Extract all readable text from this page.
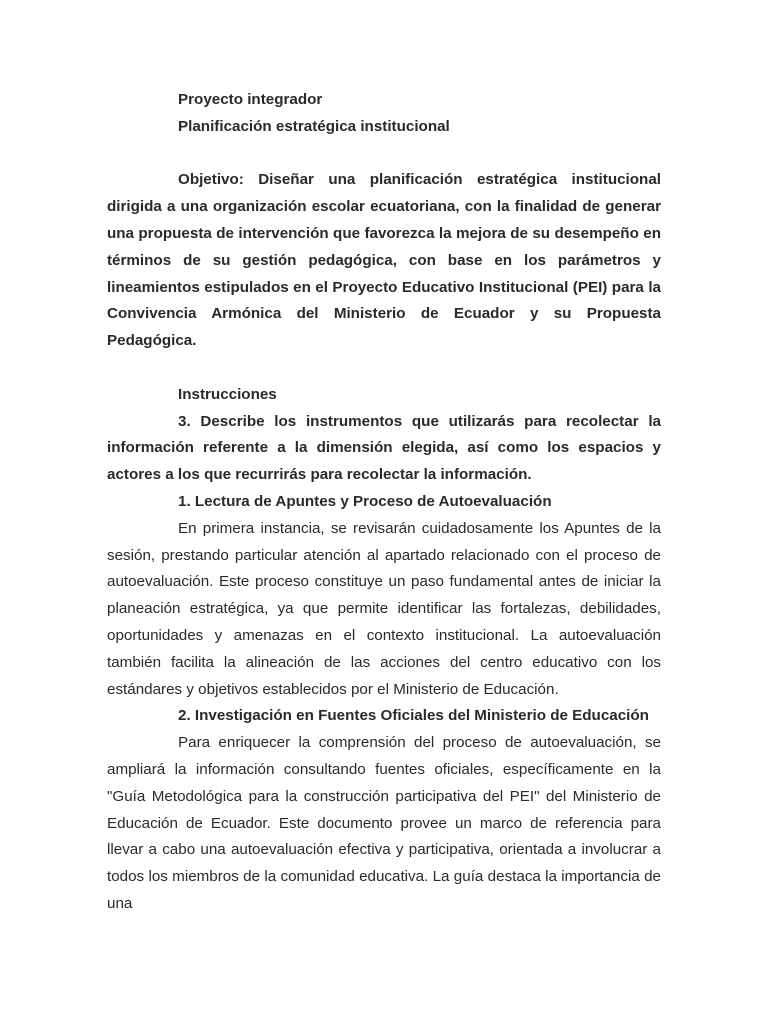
Proyecto integrador

Planificación estratégica institucional

Objetivo: Diseñar una planificación estratégica institucional dirigida a una organización escolar ecuatoriana, con la finalidad de generar una propuesta de intervención que favorezca la mejora de su desempeño en términos de su gestión pedagógica, con base en los parámetros y lineamientos estipulados en el Proyecto Educativo Institucional (PEI) para la Convivencia Armónica del Ministerio de Ecuador y su Propuesta Pedagógica.

Instrucciones

3. Describe los instrumentos que utilizarás para recolectar la información referente a la dimensión elegida, así como los espacios y actores a los que recurrirás para recolectar la información.

1. Lectura de Apuntes y Proceso de Autoevaluación

En primera instancia, se revisarán cuidadosamente los Apuntes de la sesión, prestando particular atención al apartado relacionado con el proceso de autoevaluación. Este proceso constituye un paso fundamental antes de iniciar la planeación estratégica, ya que permite identificar las fortalezas, debilidades, oportunidades y amenazas en el contexto institucional. La autoevaluación también facilita la alineación de las acciones del centro educativo con los estándares y objetivos establecidos por el Ministerio de Educación.

2. Investigación en Fuentes Oficiales del Ministerio de Educación

Para enriquecer la comprensión del proceso de autoevaluación, se ampliará la información consultando fuentes oficiales, específicamente en la "Guía Metodológica para la construcción participativa del PEI" del Ministerio de Educación de Ecuador. Este documento provee un marco de referencia para llevar a cabo una autoevaluación efectiva y participativa, orientada a involucrar a todos los miembros de la comunidad educativa. La guía destaca la importancia de una
